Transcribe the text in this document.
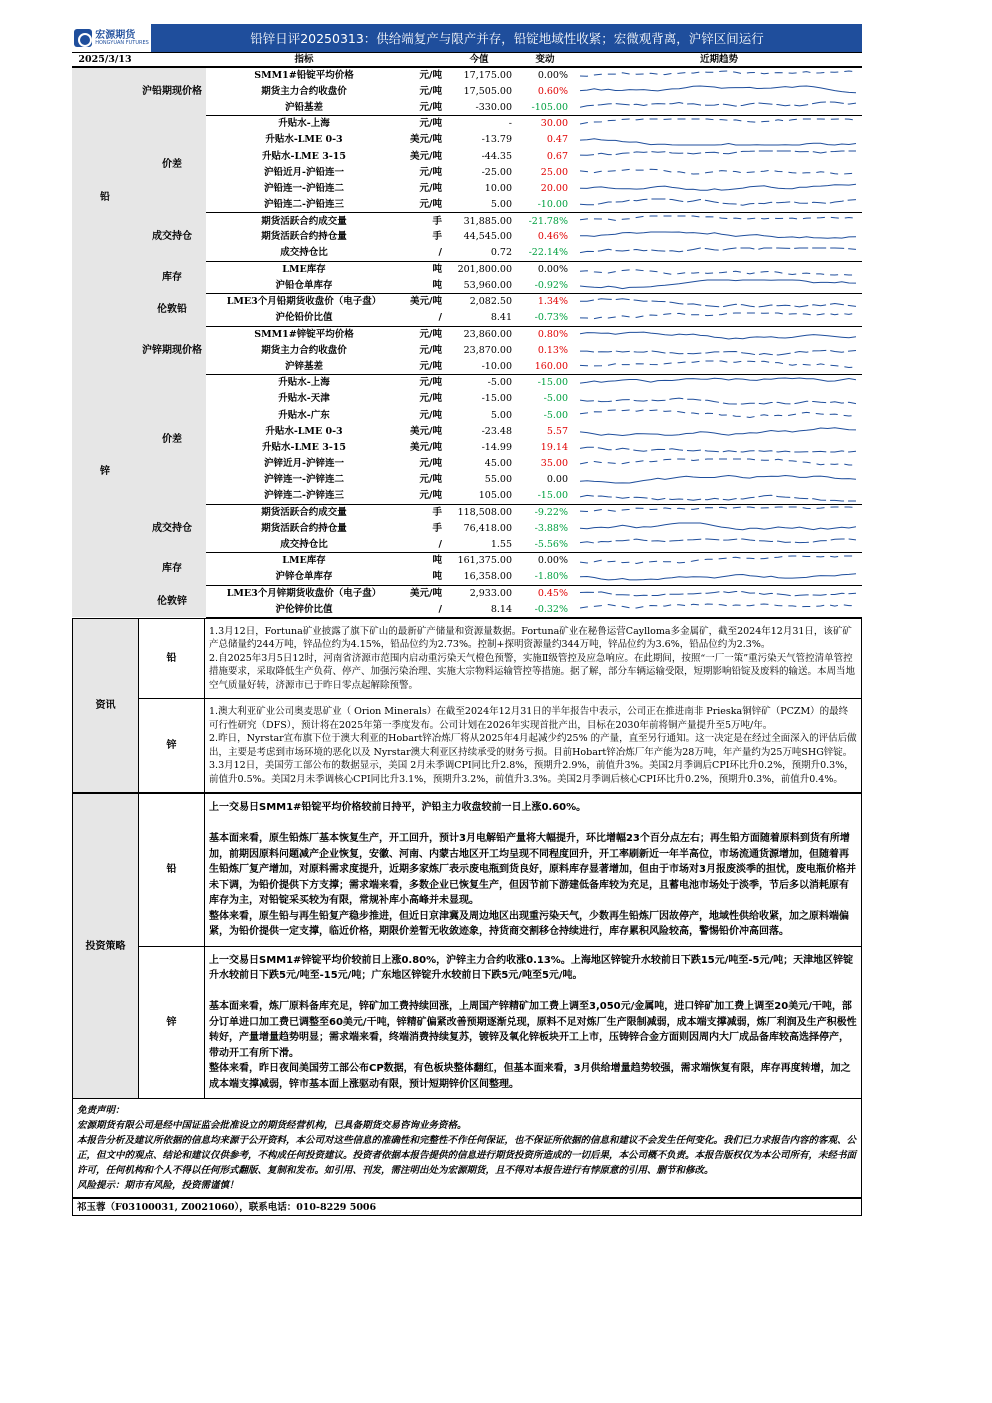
宏源期货
HONGYUAN FUTURES	铅锌日评20250313：供给端复产与限产并存，铅锭地域性收紧；宏微观背离，沪锌区间运行
2025/3/13		指标		今值	变动	近期趋势
铅	沪铅期现价格	SMM1#铅锭平均价格	元/吨	17,175.00	0.00%	

		期货主力合约收盘价	元/吨	17,505.00	0.60%	

		沪铅基差	元/吨	-330.00	-105.00	

	价差	升贴水-上海	元/吨	-	30.00	

		升贴水-LME 0-3	美元/吨	-13.79	0.47	

		升贴水-LME 3-15	美元/吨	-44.35	0.67	

		沪铅近月-沪铅连一	元/吨	-25.00	25.00	

		沪铅连一-沪铅连二	元/吨	10.00	20.00	

		沪铅连二-沪铅连三	元/吨	5.00	-10.00	

	成交持仓	期货活跃合约成交量	手	31,885.00	-21.78%	

		期货活跃合约持仓量	手	44,545.00	0.46%	

		成交持仓比	/	0.72	-22.14%	

	库存	LME库存	吨	201,800.00	0.00%	

		沪铅仓单库存	吨	53,960.00	-0.92%	

	伦敦铅	LME3个月铅期货收盘价（电子盘）	美元/吨	2,082.50	1.34%	

		沪伦铅价比值	/	8.41	-0.73%	

锌	沪锌期现价格	SMM1#锌锭平均价格	元/吨	23,860.00	0.80%	

		期货主力合约收盘价	元/吨	23,870.00	0.13%	

		沪锌基差	元/吨	-10.00	160.00	

	价差	升贴水-上海	元/吨	-5.00	-15.00	

		升贴水-天津	元/吨	-15.00	-5.00	

		升贴水-广东	元/吨	5.00	-5.00	

		升贴水-LME 0-3	美元/吨	-23.48	5.57	

		升贴水-LME 3-15	美元/吨	-14.99	19.14	

		沪锌近月-沪锌连一	元/吨	45.00	35.00	

		沪锌连一-沪锌连二	元/吨	55.00	0.00	

		沪锌连二-沪锌连三	元/吨	105.00	-15.00	

	成交持仓	期货活跃合约成交量	手	118,508.00	-9.22%	

		期货活跃合约持仓量	手	76,418.00	-3.88%	

		成交持仓比	/	1.55	-5.56%	

	库存	LME库存	吨	161,375.00	0.00%	

		沪锌仓单库存	吨	16,358.00	-1.80%	

	伦敦锌	LME3个月锌期货收盘价（电子盘）	美元/吨	2,933.00	0.45%	

		沪伦锌价比值	/	8.14	-0.32%	
资讯	铅	1.3月12日，Fortuna矿业披露了旗下矿山的最新矿产储量和资源量数据。Fortuna矿业在秘鲁运营Caylloma多金属矿，截至2024年12月31日，该矿矿产总储量约244万吨，锌品位约为4.15%，铅品位约为2.73%。控制+探明资源量约344万吨，锌品位约为3.6%，铅品位约为2.3%。

2.自2025年3月5日12时，河南省济源市范围内启动重污染天气橙色预警，实施Ⅱ级管控及应急响应。在此期间，按照“一厂一策”重污染天气管控清单管控措施要求，采取降低生产负荷、停产、加强污染治理、实施大宗物料运输管控等措施。据了解，部分车辆运输受限，短期影响铅锭及废料的输送。本周当地空气质量好转，济源市已于昨日零点起解除预警。

	锌	1.澳大利亚矿业公司奥麦思矿业（ Orion Minerals）在截至2024年12月31日的半年报告中表示，公司正在推进南非 Prieska铜锌矿（PCZM）的最终可行性研究（DFS），预计将在2025年第一季度发布。公司计划在2026年实现首批产出，目标在2030年前将铜产量提升至5万吨/年。

2.昨日，Nyrstar宣布旗下位于澳大利亚的Hobart锌冶炼厂将从2025年4月起减少约25% 的产量，直至另行通知。这一决定是在经过全面深入的评估后做出，主要是考虑到市场环境的恶化以及 Nyrstar澳大利亚区持续承受的财务亏损。目前Hobart锌冶炼厂年产能为28万吨，年产量约为25万吨SHG锌锭。

3.3月12日，美国劳工部公布的数据显示，美国 2月未季调CPI同比升2.8%，预期升2.9%，前值升3%。美国2月季调后CPI环比升0.2%，预期升0.3%，前值升0.5%。美国2月未季调核心CPI同比升3.1%，预期升3.2%，前值升3.3%。美国2月季调后核心CPI环比升0.2%，预期升0.3%，前值升0.4%。

投资策略	铅	上一交易日SMM1#铅锭平均价格较前日持平，沪铅主力收盘较前一日上涨0.60%。

基本面来看，原生铅炼厂基本恢复生产，开工回升，预计3月电解铅产量将大幅提升，环比增幅23个百分点左右；再生铅方面随着原料到货有所增加，前期因原料问题减产企业恢复，安徽、河南、内蒙古地区开工均呈现不同程度回升，开工率刷新近一年半高位，市场流通货源增加，但随着再生铅炼厂复产增加，对原料需求度提升，近期多家炼厂表示废电瓶到货良好，原料库存显著增加，但由于市场对3月报废淡季的担忧，废电瓶价格并未下调，为铅价提供下方支撑；需求端来看，多数企业已恢复生产，但因节前下游建低备库较为充足，且蓄电池市场处于淡季，节后多以消耗原有库存为主，对铅锭采买较为有限，常规补库小高峰并未显现。

整体来看，原生铅与再生铅复产稳步推进，但近日京津冀及周边地区出现重污染天气，少数再生铅炼厂因故停产，地域性供给收紧，加之原料端偏紧，为铅价提供一定支撑，临近价格，期限价差暂无收敛迹象，持货商交割移仓持续进行，库存累积风险较高，警惕铅价冲高回落。

	锌	上一交易日SMM1#锌锭平均价较前日上涨0.80%，沪锌主力合约收涨0.13%。上海地区锌锭升水较前日下跌15元/吨至-5元/吨；天津地区锌锭升水较前日下跌5元/吨至-15元/吨；广东地区锌锭升水较前日下跌5元/吨至5元/吨。

基本面来看，炼厂原料备库充足，锌矿加工费持续回涨，上周国产锌精矿加工费上调至3,050元/金属吨，进口锌矿加工费上调至20美元/干吨，部分订单进口加工费已调整至60美元/干吨，锌精矿偏紧改善预期逐渐兑现，原料不足对炼厂生产限制减弱，成本端支撑减弱，炼厂利润及生产积极性转好，产量增量趋势明显；需求端来看，终端消费持续复苏，镀锌及氧化锌板块开工上市，压铸锌合金方面则因周内大厂成品备库较高选择停产，带动开工有所下滑。

整体来看，昨日夜间美国劳工部公布CP数据，有色板块整体翻红，但基本面来看，3月供给增量趋势较强，需求端恢复有限，库存再度转增，加之成本端支撑减弱，锌市基本面上涨驱动有限，预计短期锌价区间整理。

免责声明：
宏源期货有限公司是经中国证监会批准设立的期货经营机构，已具备期货交易咨询业务资格。
本报告分析及建议所依据的信息均来源于公开资料，本公司对这些信息的准确性和完整性不作任何保证，也不保证所依据的信息和建议不会发生任何变化。我们已力求报告内容的客观、公正，但文中的观点、结论和建议仅供参考，不构成任何投资建议。投资者依据本报告提供的信息进行期货投资所造成的一切后果，本公司概不负责。本报告版权仅为本公司所有，未经书面许可，任何机构和个人不得以任何形式翻版、复制和发布。如引用、刊发，需注明出处为宏源期货，且不得对本报告进行有悖原意的引用、删节和修改。
风险提示：期市有风险，投资需谨慎！
祁玉蓉（F03100031, Z0021060），联系电话：010-8229 5006
